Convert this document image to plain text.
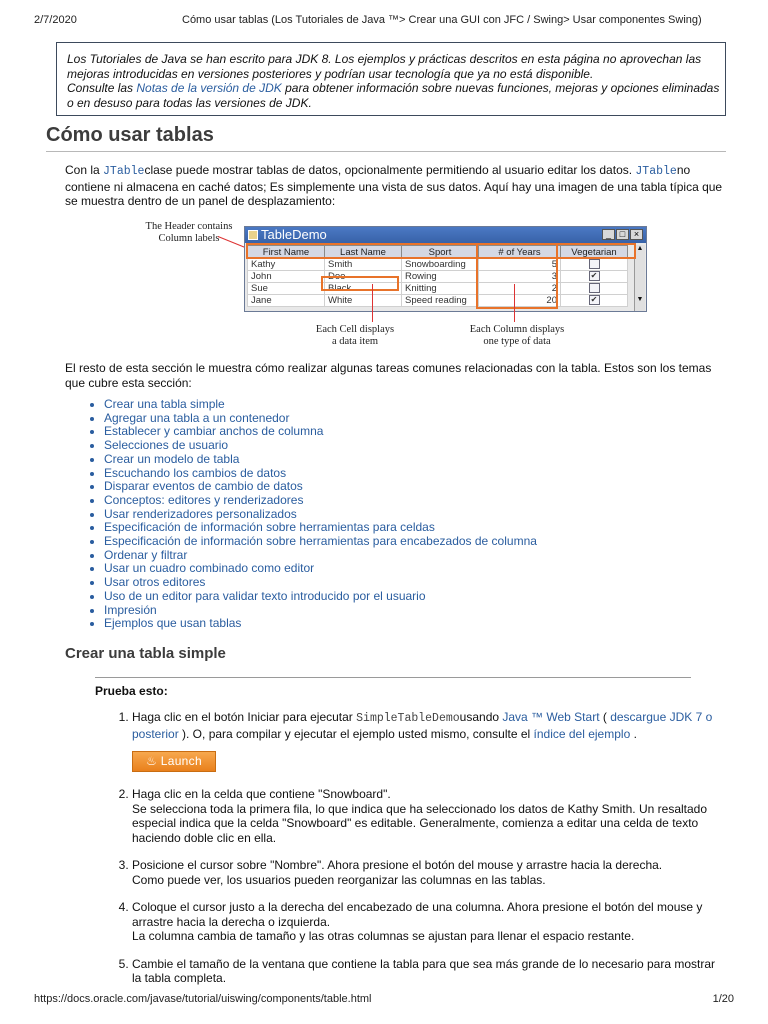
2/7/2020	Cómo usar tablas (Los Tutoriales de Java ™> Crear una GUI con JFC / Swing> Usar componentes Swing)
Los Tutoriales de Java se han escrito para JDK 8. Los ejemplos y prácticas descritos en esta página no aprovechan las mejoras introducidas en versiones posteriores y podrían usar tecnología que ya no está disponible.
Consulte las Notas de la versión de JDK para obtener información sobre nuevas funciones, mejoras y opciones eliminadas o en desuso para todas las versiones de JDK.
Cómo usar tablas
Con la JTableclase puede mostrar tablas de datos, opcionalmente permitiendo al usuario editar los datos. JTableno contiene ni almacena en caché datos; Es simplemente una vista de sus datos. Aquí hay una imagen de una tabla típica que se muestra dentro de un panel de desplazamiento:
The Header contains
Column labels	TableDemo	_ □ ×
First Name	Last Name	Sport	# of Years	Vegetarian
Kathy	Smith	Snowboarding	5	
John	Doe	Rowing	3	✔
Sue	Black	Knitting	2	
Jane	White	Speed reading	20	✔
▲
▼
Each Cell displays
a data item
Each Column displays
one type of data
El resto de esta sección le muestra cómo realizar algunas tareas comunes relacionadas con la tabla. Estos son los temas que cubre esta sección:
• Crear una tabla simple
• Agregar una tabla a un contenedor
• Establecer y cambiar anchos de columna
• Selecciones de usuario
• Crear un modelo de tabla
• Escuchando los cambios de datos
• Disparar eventos de cambio de datos
• Conceptos: editores y renderizadores
• Usar renderizadores personalizados
• Especificación de información sobre herramientas para celdas
• Especificación de información sobre herramientas para encabezados de columna
• Ordenar y filtrar
• Usar un cuadro combinado como editor
• Usar otros editores
• Uso de un editor para validar texto introducido por el usuario
• Impresión
• Ejemplos que usan tablas
Crear una tabla simple
Prueba esto:
1. Haga clic en el botón Iniciar para ejecutar SimpleTableDemousando Java ™ Web Start ( descargue JDK 7 o posterior ). O, para compilar y ejecutar el ejemplo usted mismo, consulte el índice del ejemplo .
♨ Launch
2. Haga clic en la celda que contiene "Snowboard".
Se selecciona toda la primera fila, lo que indica que ha seleccionado los datos de Kathy Smith. Un resaltado especial indica que la celda "Snowboard" es editable. Generalmente, comienza a editar una celda de texto haciendo doble clic en ella.
3. Posicione el cursor sobre "Nombre". Ahora presione el botón del mouse y arrastre hacia la derecha.
Como puede ver, los usuarios pueden reorganizar las columnas en las tablas.
4. Coloque el cursor justo a la derecha del encabezado de una columna. Ahora presione el botón del mouse y arrastre hacia la derecha o izquierda.
La columna cambia de tamaño y las otras columnas se ajustan para llenar el espacio restante.
5. Cambie el tamaño de la ventana que contiene la tabla para que sea más grande de lo necesario para mostrar la tabla completa.
https://docs.oracle.com/javase/tutorial/uiswing/components/table.html	1/20
